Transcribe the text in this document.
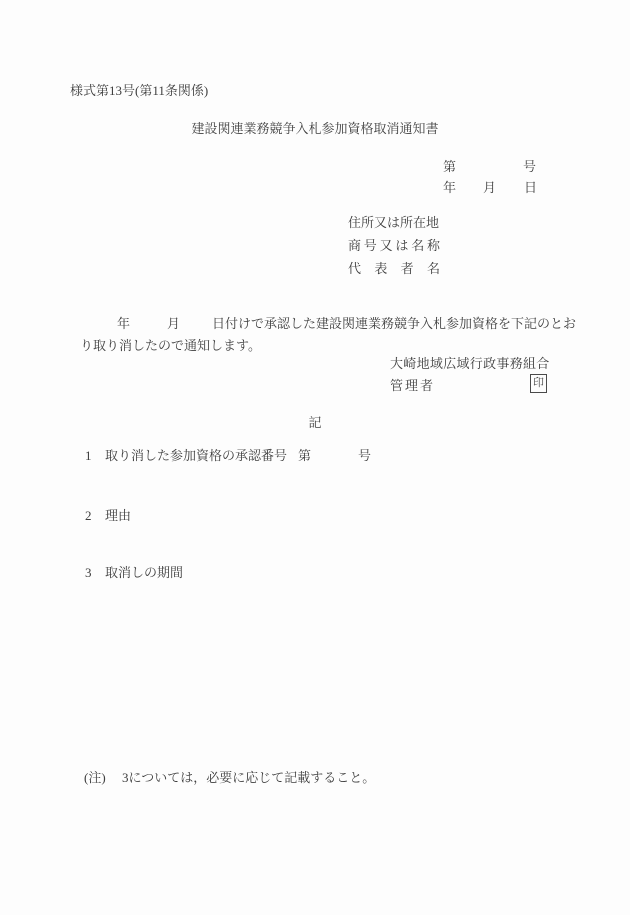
様式第13号(第11条関係)
建設関連業務競争入札参加資格取消通知書
第	号
年 月 日
住所又は所在地
商号又は名称
代表者名
年	月 日付けで承認した建設関連業務競争入札参加資格を下記のとお
り取り消したので通知します。
大崎地域広域行政事務組合
管理者	印
記
1 取り消した参加資格の承認番号 第	号
2 理由
3 取消しの期間
(注) 3については，必要に応じて記載すること。
